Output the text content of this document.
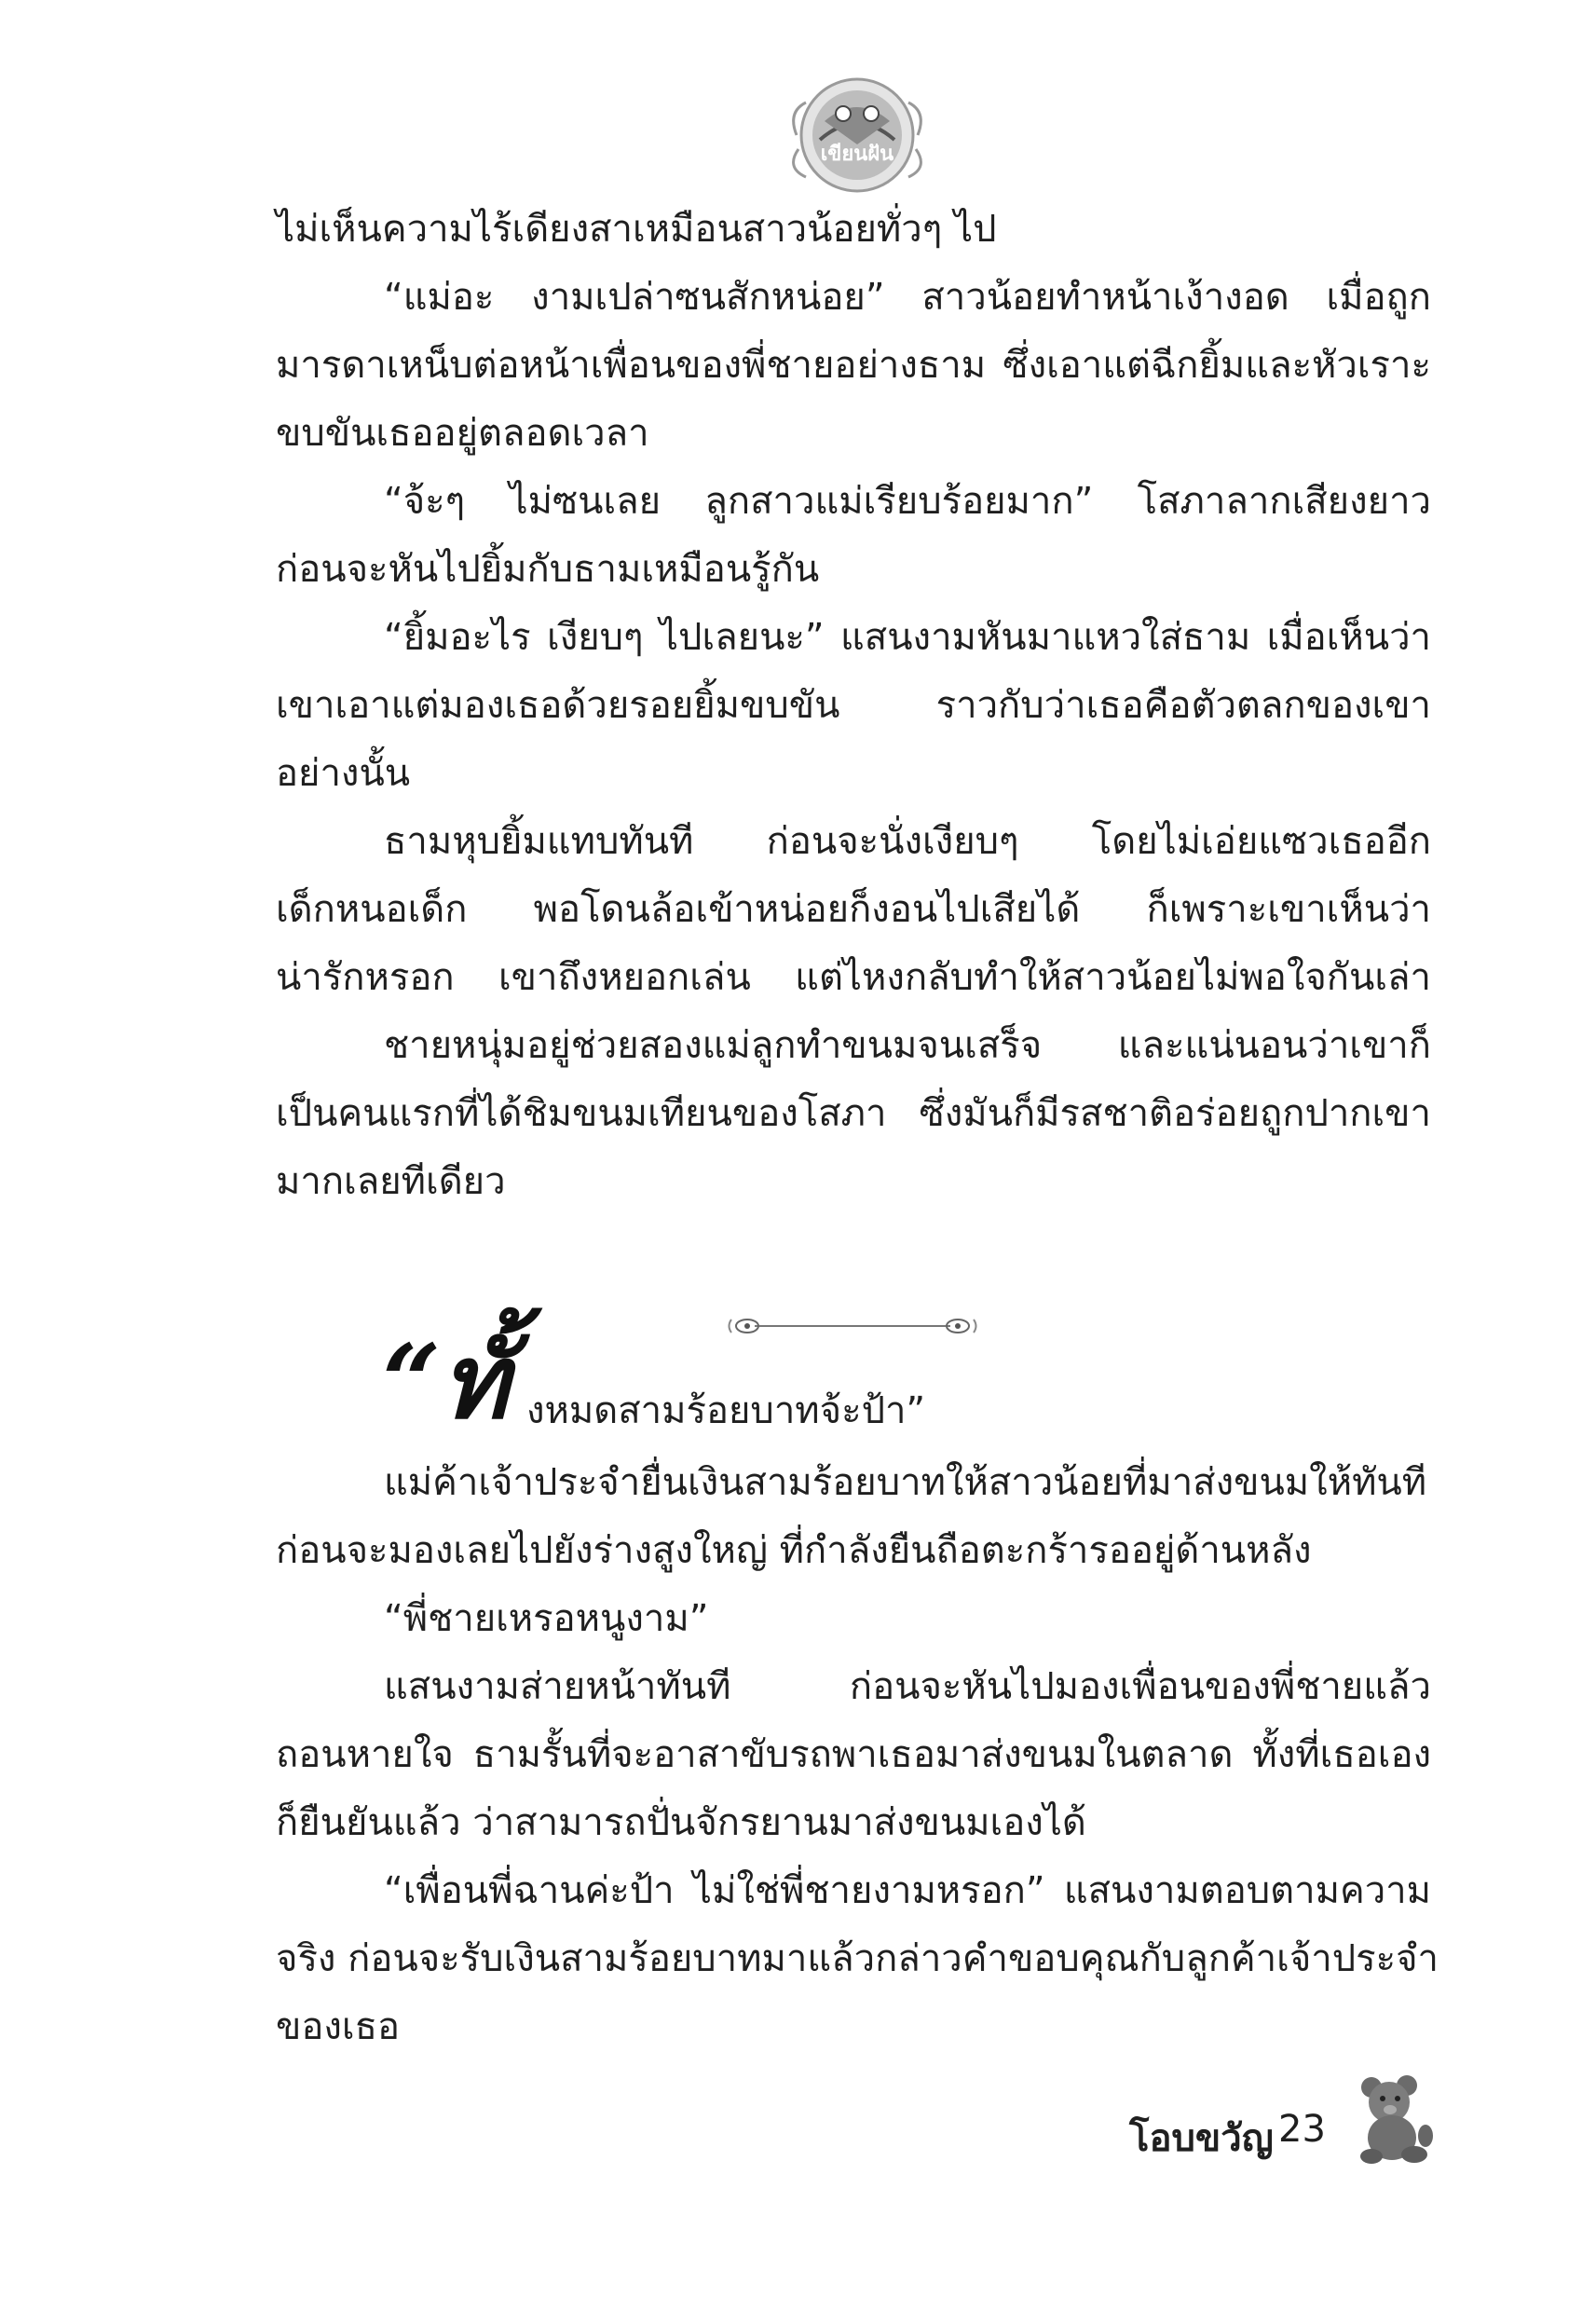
เขียนฝัน
ไม่เห็นความไร้เดียงสาเหมือนสาวน้อยทั่วๆ ไป
“แม่อะ งามเปล่าซนสักหน่อย” สาวน้อยทำหน้าเง้างอด เมื่อถูก
มารดาเหน็บต่อหน้าเพื่อนของพี่ชายอย่างธาม ซึ่งเอาแต่ฉีกยิ้มและหัวเราะ
ขบขันเธออยู่ตลอดเวลา
“จ้ะๆ ไม่ซนเลย ลูกสาวแม่เรียบร้อยมาก” โสภาลากเสียงยาว
ก่อนจะหันไปยิ้มกับธามเหมือนรู้กัน
“ยิ้มอะไร เงียบๆ ไปเลยนะ” แสนงามหันมาแหวใส่ธาม เมื่อเห็นว่า
เขาเอาแต่มองเธอด้วยรอยยิ้มขบขัน ราวกับว่าเธอคือตัวตลกของเขา
อย่างนั้น
ธามหุบยิ้มแทบทันที ก่อนจะนั่งเงียบๆ โดยไม่เอ่ยแซวเธออีก
เด็กหนอเด็ก พอโดนล้อเข้าหน่อยก็งอนไปเสียได้ ก็เพราะเขาเห็นว่า
น่ารักหรอก เขาถึงหยอกเล่น แต่ไหงกลับทำให้สาวน้อยไม่พอใจกันเล่า
ชายหนุ่มอยู่ช่วยสองแม่ลูกทำขนมจนเสร็จ และแน่นอนว่าเขาก็
เป็นคนแรกที่ได้ชิมขนมเทียนของโสภา ซึ่งมันก็มีรสชาติอร่อยถูกปากเขา
มากเลยทีเดียว
“ทั้ งหมดสามร้อยบาทจ้ะป้า”
แม่ค้าเจ้าประจำยื่นเงินสามร้อยบาทให้สาวน้อยที่มาส่งขนมให้ทันที
ก่อนจะมองเลยไปยังร่างสูงใหญ่ ที่กำลังยืนถือตะกร้ารออยู่ด้านหลัง
“พี่ชายเหรอหนูงาม”
แสนงามส่ายหน้าทันที ก่อนจะหันไปมองเพื่อนของพี่ชายแล้ว
ถอนหายใจ ธามรั้นที่จะอาสาขับรถพาเธอมาส่งขนมในตลาด ทั้งที่เธอเอง
ก็ยืนยันแล้ว ว่าสามารถปั่นจักรยานมาส่งขนมเองได้
“เพื่อนพี่ฉานค่ะป้า ไม่ใช่พี่ชายงามหรอก” แสนงามตอบตามความ
จริง ก่อนจะรับเงินสามร้อยบาทมาแล้วกล่าวคำขอบคุณกับลูกค้าเจ้าประจำ
ของเธอ
โอบขวัญ 23
